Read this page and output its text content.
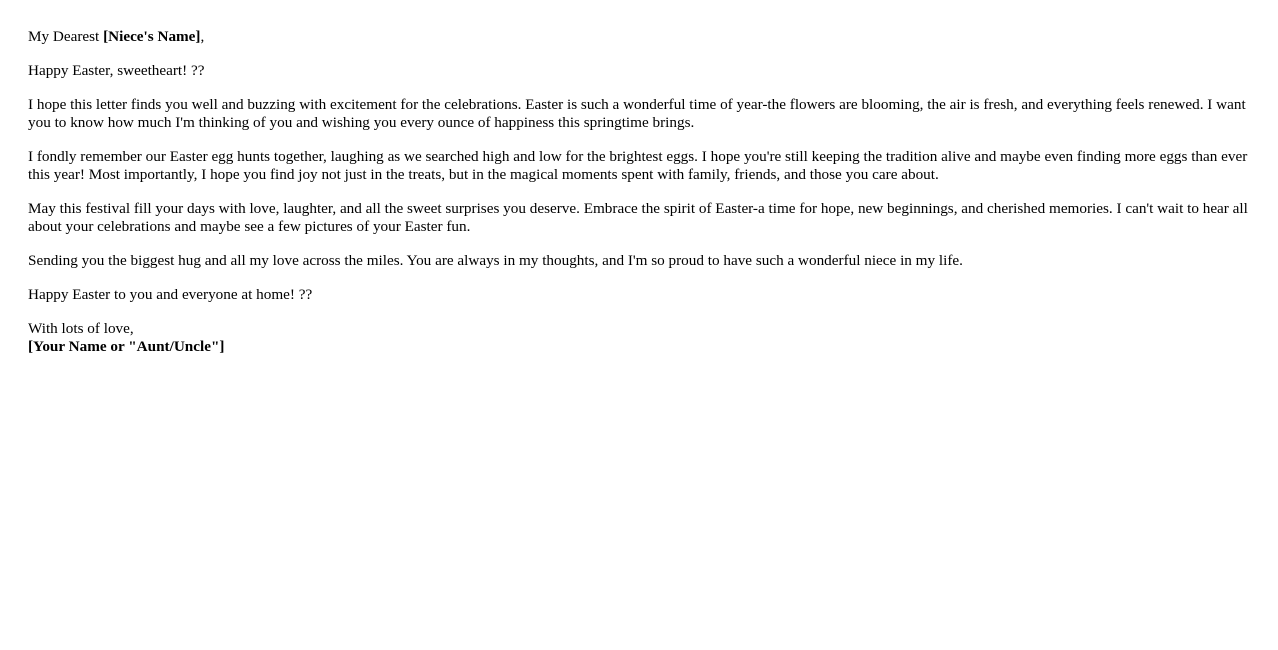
My Dearest [Niece's Name],

Happy Easter, sweetheart! ??

I hope this letter finds you well and buzzing with excitement for the celebrations. Easter is such a wonderful time of year-the flowers are blooming, the air is fresh, and everything feels renewed. I want you to know how much I'm thinking of you and wishing you every ounce of happiness this springtime brings.

I fondly remember our Easter egg hunts together, laughing as we searched high and low for the brightest eggs. I hope you're still keeping the tradition alive and maybe even finding more eggs than ever this year! Most importantly, I hope you find joy not just in the treats, but in the magical moments spent with family, friends, and those you care about.

May this festival fill your days with love, laughter, and all the sweet surprises you deserve. Embrace the spirit of Easter-a time for hope, new beginnings, and cherished memories. I can't wait to hear all about your celebrations and maybe see a few pictures of your Easter fun.

Sending you the biggest hug and all my love across the miles. You are always in my thoughts, and I'm so proud to have such a wonderful niece in my life.

Happy Easter to you and everyone at home! ??

With lots of love,
[Your Name or "Aunt/Uncle"]
